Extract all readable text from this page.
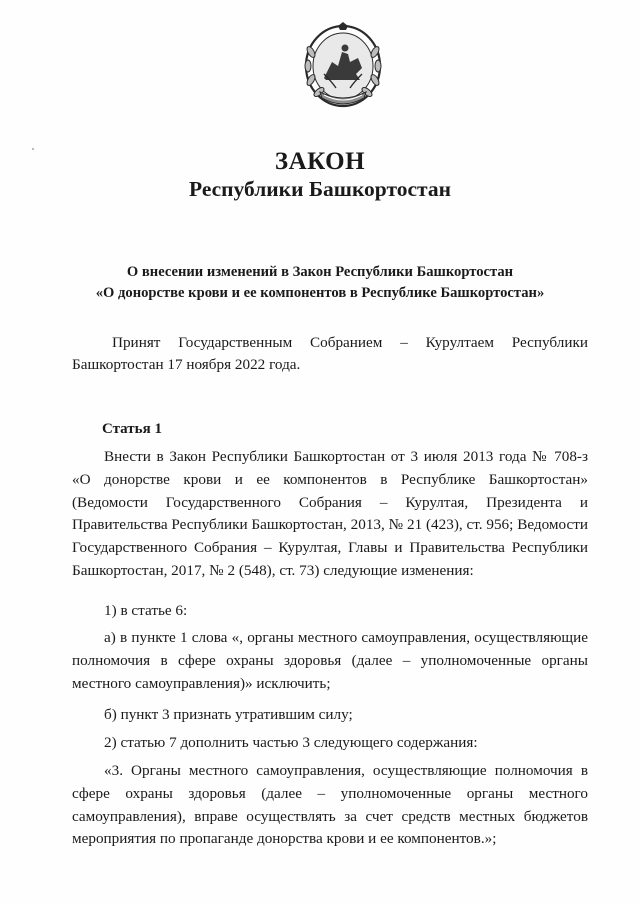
ЗАКОН
Республики Башкортостан
О внесении изменений в Закон Республики Башкортостан
«О донорстве крови и ее компонентов в Республике Башкортостан»
Принят Государственным Собранием – Курултаем Республики
Башкортостан 17 ноября 2022 года.
Статья 1
Внести в Закон Республики Башкортостан от 3 июля 2013 года № 708-з «О донорстве крови и ее компонентов в Республике Башкортостан» (Ведомости Государственного Собрания – Курултая, Президента и Правительства Республики Башкортостан, 2013, № 21 (423), ст. 956; Ведомости Государственного Собрания – Курултая, Главы и Правительства Республики Башкортостан, 2017, № 2 (548), ст. 73) следующие изменения:
1) в статье 6:
а) в пункте 1 слова «, органы местного самоуправления, осуществляющие полномочия в сфере охраны здоровья (далее – уполномоченные органы местного самоуправления)» исключить;
б) пункт 3 признать утратившим силу;
2) статью 7 дополнить частью 3 следующего содержания:
«3. Органы местного самоуправления, осуществляющие полномочия в сфере охраны здоровья (далее – уполномоченные органы местного самоуправления), вправе осуществлять за счет средств местных бюджетов мероприятия по пропаганде донорства крови и ее компонентов.»;
